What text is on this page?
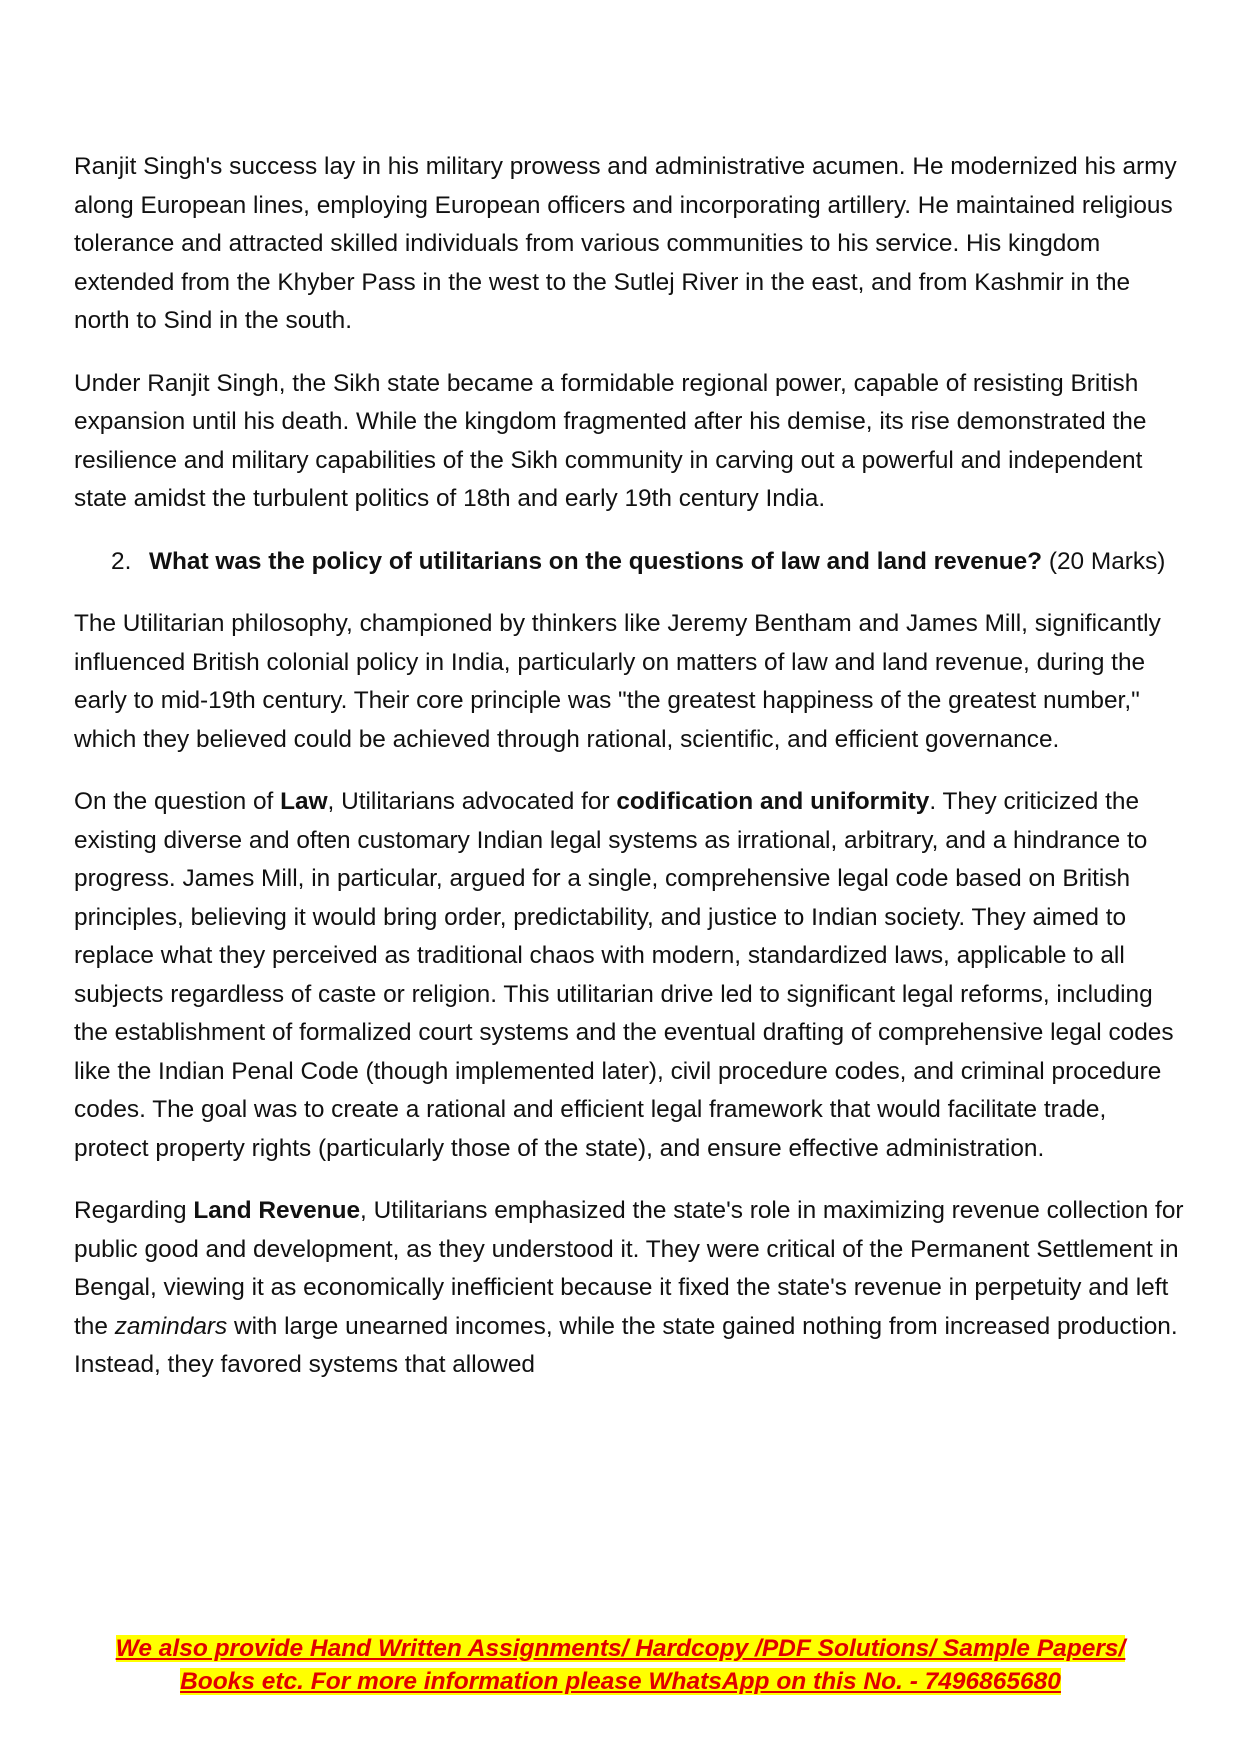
Ranjit Singh's success lay in his military prowess and administrative acumen. He modernized his army along European lines, employing European officers and incorporating artillery. He maintained religious tolerance and attracted skilled individuals from various communities to his service. His kingdom extended from the Khyber Pass in the west to the Sutlej River in the east, and from Kashmir in the north to Sind in the south.

Under Ranjit Singh, the Sikh state became a formidable regional power, capable of resisting British expansion until his death. While the kingdom fragmented after his demise, its rise demonstrated the resilience and military capabilities of the Sikh community in carving out a powerful and independent state amidst the turbulent politics of 18th and early 19th century India.

2. What was the policy of utilitarians on the questions of law and land revenue? (20 Marks)

The Utilitarian philosophy, championed by thinkers like Jeremy Bentham and James Mill, significantly influenced British colonial policy in India, particularly on matters of law and land revenue, during the early to mid-19th century. Their core principle was "the greatest happiness of the greatest number," which they believed could be achieved through rational, scientific, and efficient governance.

On the question of Law, Utilitarians advocated for codification and uniformity. They criticized the existing diverse and often customary Indian legal systems as irrational, arbitrary, and a hindrance to progress. James Mill, in particular, argued for a single, comprehensive legal code based on British principles, believing it would bring order, predictability, and justice to Indian society. They aimed to replace what they perceived as traditional chaos with modern, standardized laws, applicable to all subjects regardless of caste or religion. This utilitarian drive led to significant legal reforms, including the establishment of formalized court systems and the eventual drafting of comprehensive legal codes like the Indian Penal Code (though implemented later), civil procedure codes, and criminal procedure codes. The goal was to create a rational and efficient legal framework that would facilitate trade, protect property rights (particularly those of the state), and ensure effective administration.

Regarding Land Revenue, Utilitarians emphasized the state's role in maximizing revenue collection for public good and development, as they understood it. They were critical of the Permanent Settlement in Bengal, viewing it as economically inefficient because it fixed the state's revenue in perpetuity and left the zamindars with large unearned incomes, while the state gained nothing from increased production. Instead, they favored systems that allowed

We also provide Hand Written Assignments/ Hardcopy /PDF Solutions/ Sample Papers/
Books etc. For more information please WhatsApp on this No. - 7496865680
